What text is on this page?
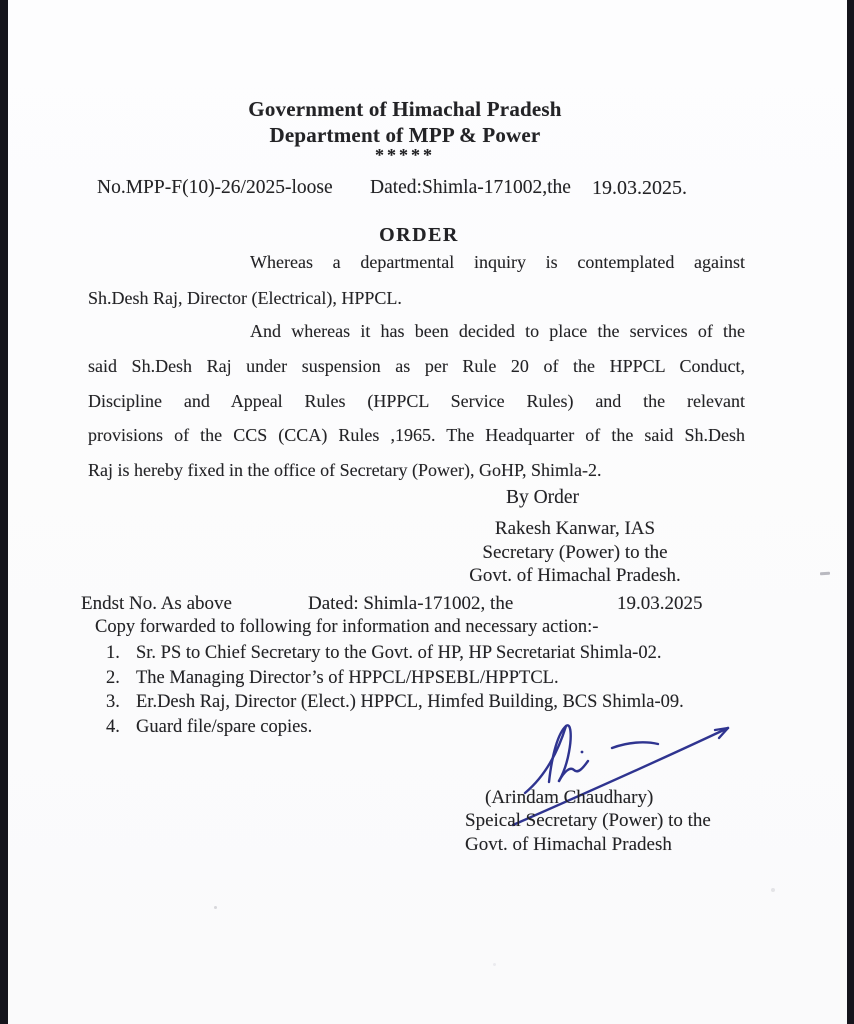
Government of Himachal Pradesh
Department of MPP & Power
*****
No.MPP-F(10)-26/2025-loose	Dated:Shimla-171002,the	19.03.2025.
ORDER
Whereas a departmental inquiry is contemplated against
Sh.Desh Raj, Director (Electrical), HPPCL.
And whereas it has been decided to place the services of the
said Sh.Desh Raj under suspension as per Rule 20 of the HPPCL Conduct,
Discipline and Appeal Rules (HPPCL Service Rules) and the relevant
provisions of the CCS (CCA) Rules ,1965. The Headquarter of the said Sh.Desh
Raj is hereby fixed in the office of Secretary (Power), GoHP, Shimla-2.
By Order
Rakesh Kanwar, IAS
Secretary (Power) to the
Govt. of Himachal Pradesh.
Endst No. As above	Dated: Shimla-171002, the	19.03.2025
Copy forwarded to following for information and necessary action:-
1. Sr. PS to Chief Secretary to the Govt. of HP, HP Secretariat Shimla-02.
2. The Managing Director’s of HPPCL/HPSEBL/HPPTCL.
3. Er.Desh Raj, Director (Elect.) HPPCL, Himfed Building, BCS Shimla-09.
4. Guard file/spare copies.
(Arindam Chaudhary)
Speical Secretary (Power) to the
Govt. of Himachal Pradesh
